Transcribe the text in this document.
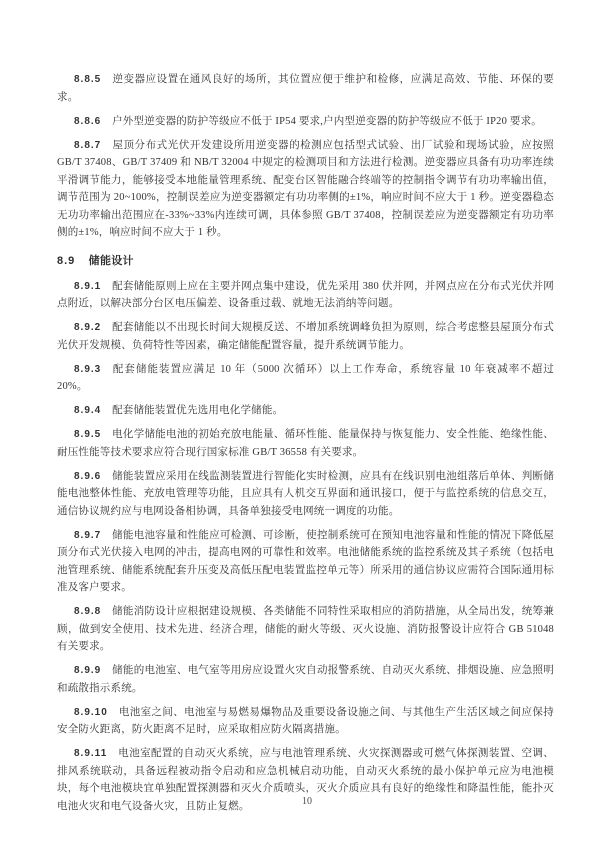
8.8.5 逆变器应设置在通风良好的场所，其位置应便于维护和检修，应满足高效、节能、环保的要求。

8.8.6 户外型逆变器的防护等级应不低于 IP54 要求,户内型逆变器的防护等级应不低于 IP20 要求。

8.8.7 屋顶分布式光伏开发建设所用逆变器的检测应包括型式试验、出厂试验和现场试验，应按照 GB/T 37408、GB/T 37409 和 NB/T 32004 中规定的检测项目和方法进行检测。逆变器应具备有功功率连续平滑调节能力，能够接受本地能量管理系统、配变台区智能融合终端等的控制指令调节有功功率输出值，调节范围为 20~100%，控制误差应为逆变器额定有功功率侧的±1%，响应时间不应大于 1 秒。逆变器稳态无功功率输出范围应在-33%~33%内连续可调，具体参照 GB/T 37408，控制误差应为逆变器额定有功功率侧的±1%，响应时间不应大于 1 秒。

8.9 储能设计

8.9.1 配套储能原则上应在主要并网点集中建设，优先采用 380 伏并网，并网点应在分布式光伏并网点附近，以解决部分台区电压偏差、设备重过载、就地无法消纳等问题。

8.9.2 配套储能以不出现长时间大规模反送、不增加系统调峰负担为原则，综合考虑整县屋顶分布式光伏开发规模、负荷特性等因素，确定储能配置容量，提升系统调节能力。

8.9.3 配套储能装置应满足 10 年（5000 次循环）以上工作寿命，系统容量 10 年衰减率不超过 20%。

8.9.4 配套储能装置优先选用电化学储能。

8.9.5 电化学储能电池的初始充放电能量、循环性能、能量保持与恢复能力、安全性能、绝缘性能、耐压性能等技术要求应符合现行国家标准 GB/T 36558 有关要求。

8.9.6 储能装置应采用在线监测装置进行智能化实时检测，应具有在线识别电池组落后单体、判断储能电池整体性能、充放电管理等功能，且应具有人机交互界面和通讯接口，便于与监控系统的信息交互，通信协议规约应与电网设备相协调，具备单独接受电网统一调度的功能。

8.9.7 储能电池容量和性能应可检测、可诊断，使控制系统可在预知电池容量和性能的情况下降低屋顶分布式光伏接入电网的冲击，提高电网的可靠性和效率。电池储能系统的监控系统及其子系统（包括电池管理系统、储能系统配套升压变及高低压配电装置监控单元等）所采用的通信协议应需符合国际通用标准及客户要求。

8.9.8 储能消防设计应根据建设规模、各类储能不同特性采取相应的消防措施，从全局出发，统筹兼顾，做到安全使用、技术先进、经济合理，储能的耐火等级、灭火设施、消防报警设计应符合 GB 51048 有关要求。

8.9.9 储能的电池室、电气室等用房应设置火灾自动报警系统、自动灭火系统、排烟设施、应急照明和疏散指示系统。

8.9.10 电池室之间、电池室与易燃易爆物品及重要设备设施之间、与其他生产生活区域之间应保持安全防火距离，防火距离不足时，应采取相应防火隔离措施。

8.9.11 电池室配置的自动灭火系统，应与电池管理系统、火灾探测器或可燃气体探测装置、空调、排风系统联动，具备远程被动指令启动和应急机械启动功能，自动灭火系统的最小保护单元应为电池模块，每个电池模块宜单独配置探测器和灭火介质喷头，灭火介质应具有良好的绝缘性和降温性能，能扑灭电池火灾和电气设备火灾，且防止复燃。	10
